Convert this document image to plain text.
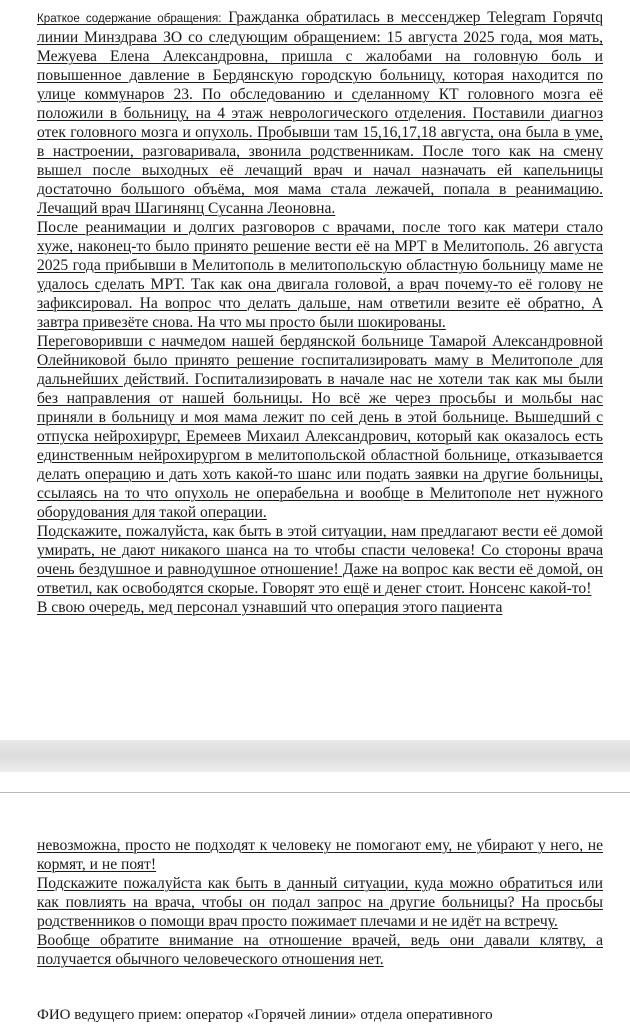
Краткое содержание обращения: Гражданка обратилась в мессенджер Telegram Горячtq линии Минздрава ЗО со следующим обращением: 15 августа 2025 года, моя мать, Межуева Елена Александровна, пришла с жалобами на головную боль и повышенное давление в Бердянскую городскую больницу, которая находится по улице коммунаров 23. По обследованию и сделанному КТ головного мозга её положили в больницу, на 4 этаж неврологического отделения. Поставили диагноз отек головного мозга и опухоль. Пробывши там 15,16,17,18 августа, она была в уме, в настроении, разговаривала, звонила родственникам. После того как на смену вышел после выходных её лечащий врач и начал назначать ей капельницы достаточно большого объёма, моя мама стала лежачей, попала в реанимацию. Лечащий врач Шагинянц Сусанна Леоновна.

После реанимации и долгих разговоров с врачами, после того как матери стало хуже, наконец-то было принято решение вести её на МРТ в Мелитополь. 26 августа 2025 года прибывши в Мелитополь в мелитопольскую областную больницу маме не удалось сделать МРТ. Так как она двигала головой, а врач почему-то её голову не зафиксировал. На вопрос что делать дальше, нам ответили везите её обратно, А завтра привезёте снова. На что мы просто были шокированы.

Переговоривши с начмедом нашей бердянской больнице Тамарой Александровной Олейниковой было принято решение госпитализировать маму в Мелитополе для дальнейших действий. Госпитализировать в начале нас не хотели так как мы были без направления от нашей больницы. Но всё же через просьбы и мольбы нас приняли в больницу и моя мама лежит по сей день в этой больнице. Вышедший с отпуска нейрохирург, Еремеев Михаил Александрович, который как оказалось есть единственным нейрохирургом в мелитопольской областной больнице, отказывается делать операцию и дать хоть какой-то шанс или подать заявки на другие больницы, ссылаясь на то что опухоль не операбельна и вообще в Мелитополе нет нужного оборудования для такой операции.

Подскажите, пожалуйста, как быть в этой ситуации, нам предлагают вести её домой умирать, не дают никакого шанса на то чтобы спасти человека! Со стороны врача очень бездушное и равнодушное отношение! Даже на вопрос как вести её домой, он ответил, как освободятся скорые. Говорят это ещё и денег стоит. Нонсенс какой-то!

В свою очередь, мед персонал узнавший что операция этого пациента

невозможна, просто не подходят к человеку не помогают ему, не убирают у него, не кормят, и не поят!

Подскажите пожалуйста как быть в данный ситуации, куда можно обратиться или как повлиять на врача, чтобы он подал запрос на другие больницы? На просьбы родственников о помощи врач просто пожимает плечами и не идёт на встречу.

Вообще обратите внимание на отношение врачей, ведь они давали клятву, а получается обычного человеческого отношения нет.

ФИО ведущего прием: оператор «Горячей линии» отдела оперативного
